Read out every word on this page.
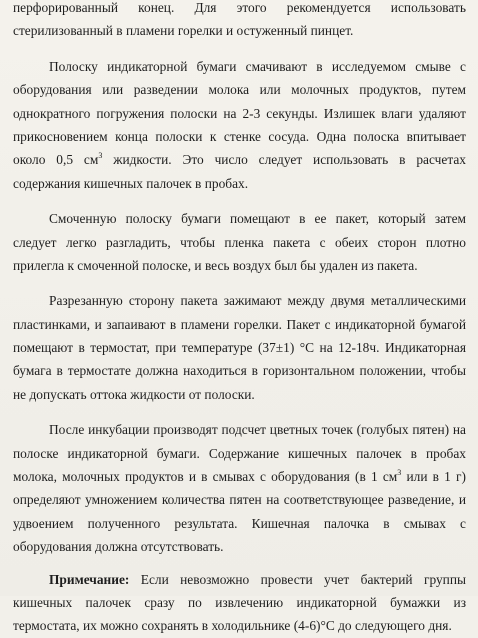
перфорированный конец. Для этого рекомендуется использовать
стерилизованный в пламени горелки и остуженный пинцет.
Полоску индикаторной бумаги смачивают в исследуемом смыве с
оборудования или разведении молока или молочных продуктов, путем
однократного погружения полоски на 2-3 секунды. Излишек влаги удаляют
прикосновением конца полоски к стенке сосуда. Одна полоска впитывает
около 0,5 $см^3$ жидкости. Это число следует использовать в расчетах
содержания кишечных палочек в пробах.
Смоченную полоску бумаги помещают в ее пакет, который затем
следует легко разгладить, чтобы пленка пакета с обеих сторон плотно
прилегла к смоченной полоске, и весь воздух был бы удален из пакета.
Разрезанную сторону пакета зажимают между двумя металлическими
пластинками, и запаивают в пламени горелки. Пакет с индикаторной бумагой
помещают в термостат, при температуре (37±1) °C на 12-18ч. Индикаторная
бумага в термостате должна находиться в горизонтальном положении, чтобы
не допускать оттока жидкости от полоски.
После инкубации производят подсчет цветных точек (голубых пятен) на
полоске индикаторной бумаги. Содержание кишечных палочек в пробах
молока, молочных продуктов и в смывах с оборудования (в 1 $см^3$ или в 1 г)
определяют умножением количества пятен на соответствующее разведение, и
удвоением полученного результата. Кишечная палочка в смывах с
оборудования должна отсутствовать.
Примечание: Если невозможно провести учет бактерий группы
кишечных палочек сразу по извлечению индикаторной бумажки из
термостата, их можно сохранять в холодильнике (4-6)°C до следующего дня.
